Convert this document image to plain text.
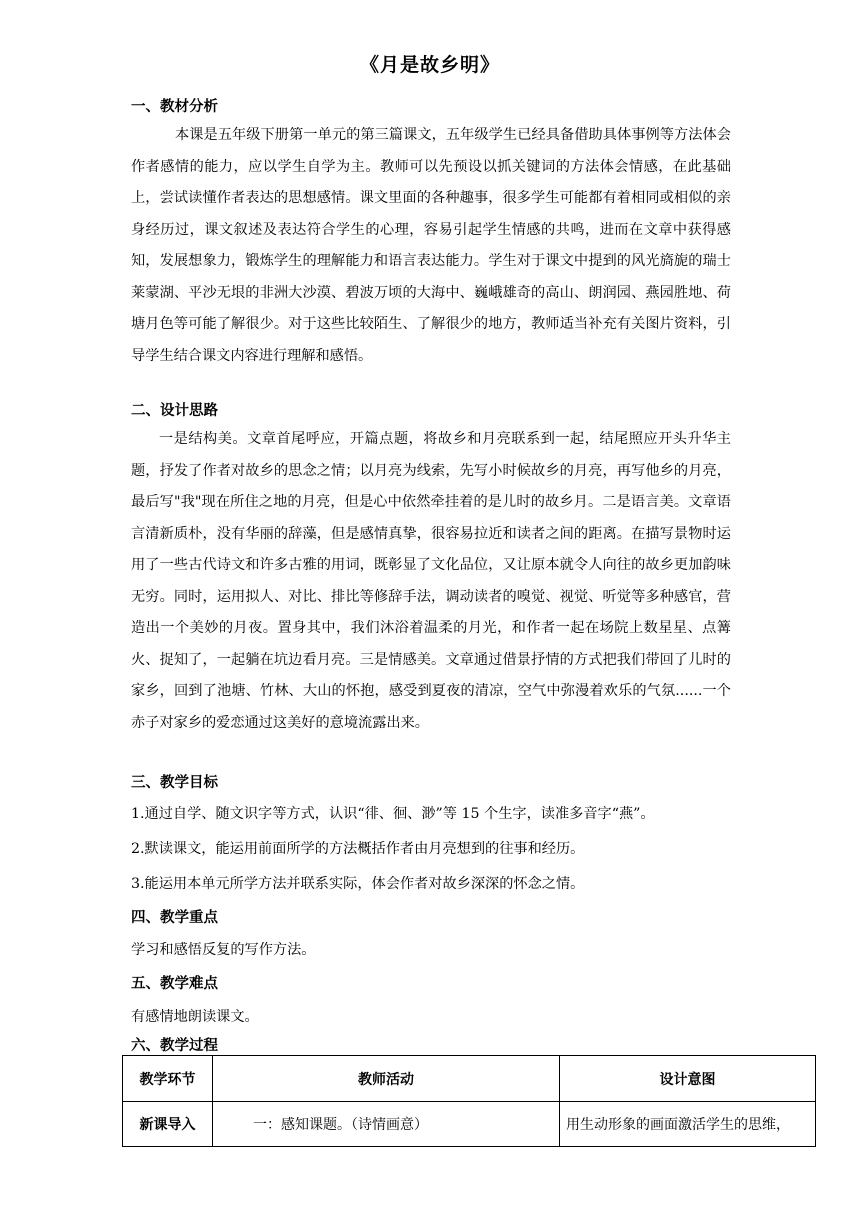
《月是故乡明》
一、教材分析
本课是五年级下册第一单元的第三篇课文，五年级学生已经具备借助具体事例等方法体会作者感情的能力，应以学生自学为主。教师可以先预设以抓关键词的方法体会情感，在此基础上，尝试读懂作者表达的思想感情。课文里面的各种趣事，很多学生可能都有着相同或相似的亲身经历过，课文叙述及表达符合学生的心理，容易引起学生情感的共鸣，进而在文章中获得感知，发展想象力，锻炼学生的理解能力和语言表达能力。学生对于课文中提到的风光旖旎的瑞士莱蒙湖、平沙无垠的非洲大沙漠、碧波万顷的大海中、巍峨雄奇的高山、朗润园、燕园胜地、荷塘月色等可能了解很少。对于这些比较陌生、了解很少的地方，教师适当补充有关图片资料，引导学生结合课文内容进行理解和感悟。
二、设计思路
一是结构美。文章首尾呼应，开篇点题，将故乡和月亮联系到一起，结尾照应开头升华主题，抒发了作者对故乡的思念之情；以月亮为线索，先写小时候故乡的月亮，再写他乡的月亮，最后写"我"现在所住之地的月亮，但是心中依然牵挂着的是儿时的故乡月。二是语言美。文章语言清新质朴，没有华丽的辞藻，但是感情真挚，很容易拉近和读者之间的距离。在描写景物时运用了一些古代诗文和许多古雅的用词，既彰显了文化品位，又让原本就令人向往的故乡更加韵味无穷。同时，运用拟人、对比、排比等修辞手法，调动读者的嗅觉、视觉、听觉等多种感官，营造出一个美妙的月夜。置身其中，我们沐浴着温柔的月光，和作者一起在场院上数星星、点篝火、捉知了，一起躺在坑边看月亮。三是情感美。文章通过借景抒情的方式把我们带回了儿时的家乡，回到了池塘、竹林、大山的怀抱，感受到夏夜的清凉，空气中弥漫着欢乐的气氛......一个赤子对家乡的爱恋通过这美好的意境流露出来。
三、教学目标
1.通过自学、随文识字等方式，认识“徘、徊、渺”等 15 个生字，读准多音字“燕”。
2.默读课文，能运用前面所学的方法概括作者由月亮想到的往事和经历。
3.能运用本单元所学方法并联系实际，体会作者对故乡深深的怀念之情。
四、教学重点
学习和感悟反复的写作方法。
五、教学难点
有感情地朗读课文。
六、教学过程
教学环节	教师活动	设计意图
新课导入	一：感知课题。（诗情画意）	用生动形象的画面激活学生的思维，
